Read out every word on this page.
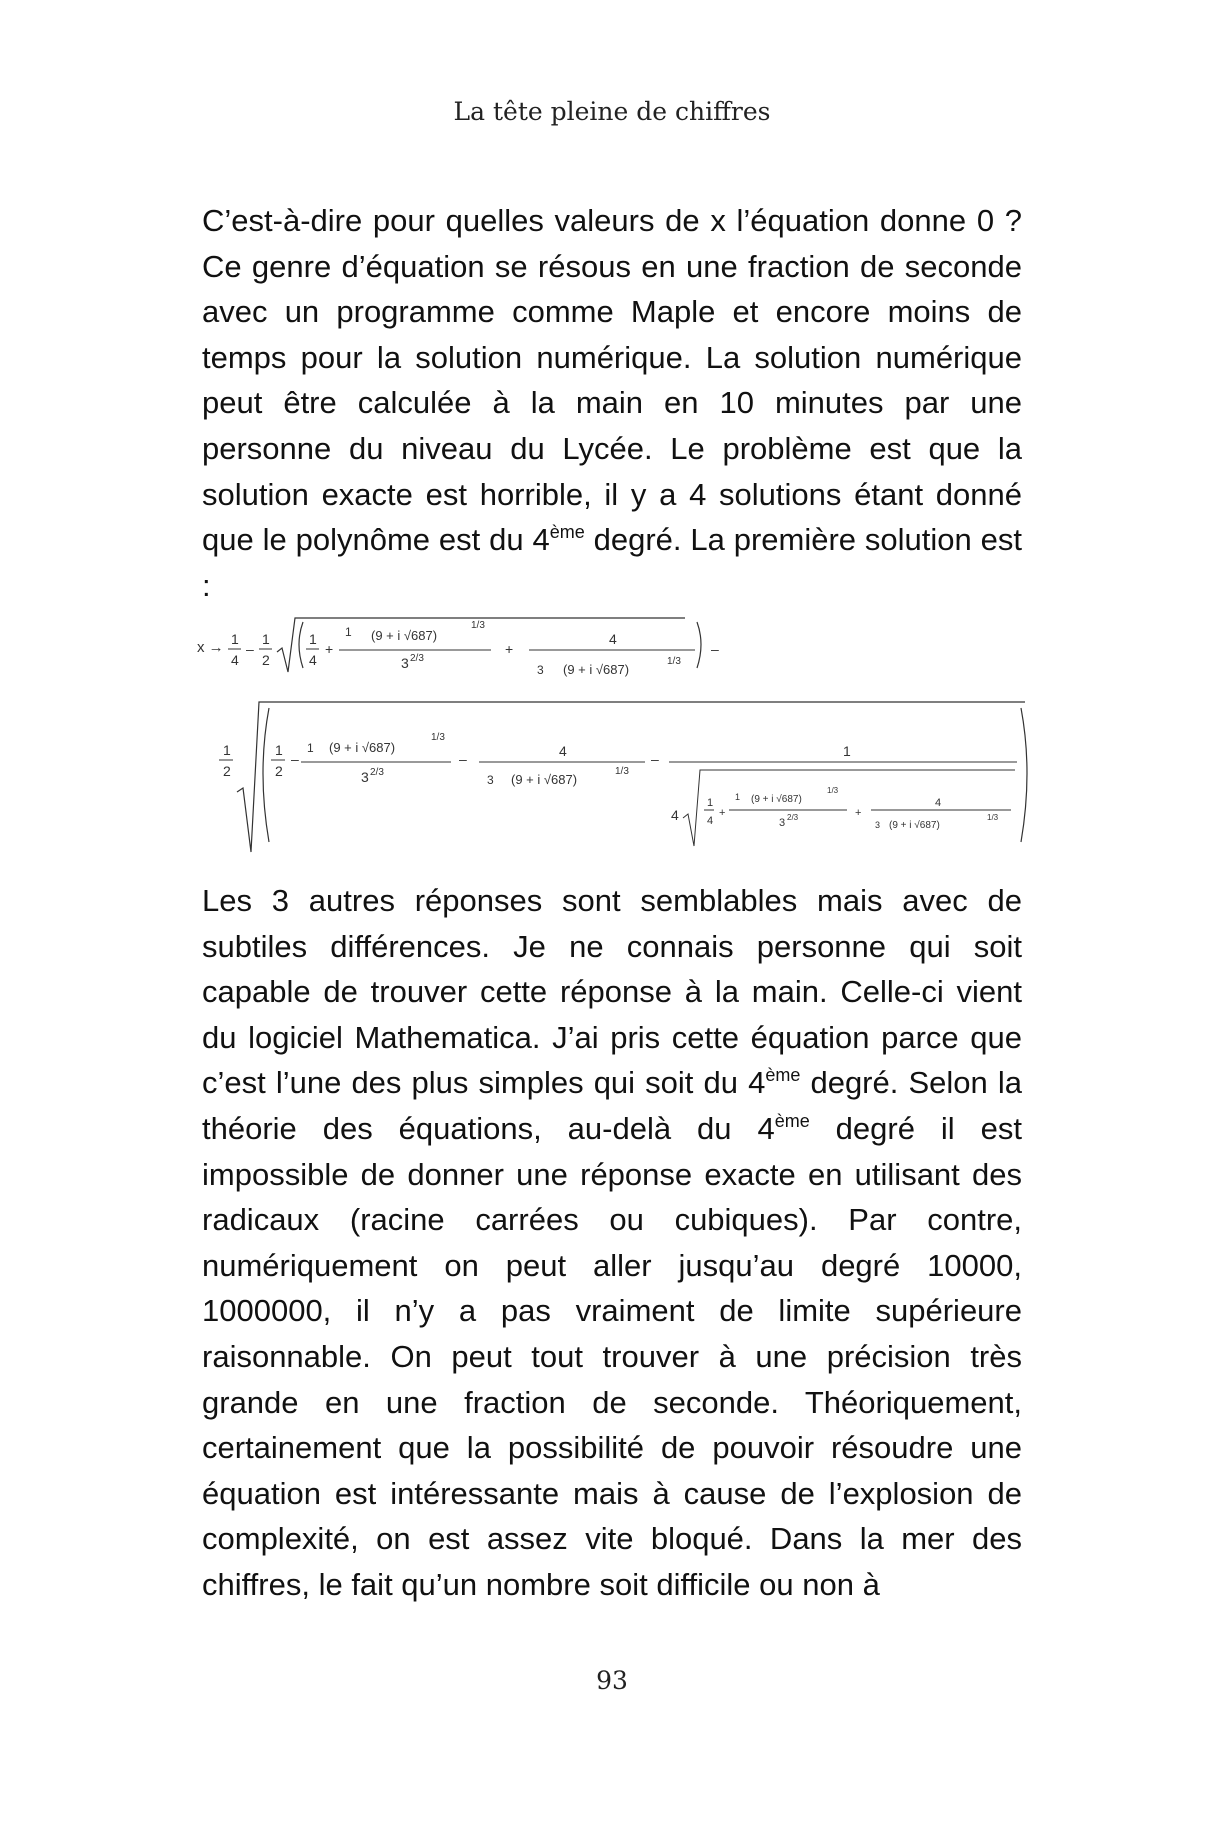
La tête pleine de chiffres

C’est-à-dire pour quelles valeurs de x l’équation donne 0 ? Ce genre d’équation se résous en une fraction de seconde avec un programme comme Maple et encore moins de temps pour la solution numérique. La solution numérique peut être calculée à la main en 10 minutes par une personne du niveau du Lycée. Le problème est que la solution exacte est horrible, il y a 4 solutions étant donné que le polynôme est du 4ème degré. La première solution est :

x → 1
4
–
1
2
1
4
+
1 (9 + i √687)
1/3
3 2/3
+
4
3 (9 + i √687)
1/3
–
1
2
1
2
–
1 (9 + i √687)
1/3
3 2/3
–	4
3 (9 + i √687)
1/3
–	1
4
1
4
+
1 (9 + i √687)
1/3
3 2/3	+
4
3 (9 + i √687)
1/3

Les 3 autres réponses sont semblables mais avec de subtiles différences. Je ne connais personne qui soit capable de trouver cette réponse à la main. Celle-ci vient du logiciel Mathematica. J’ai pris cette équation parce que c’est l’une des plus simples qui soit du 4ème degré. Selon la théorie des équations, au-delà du 4ème degré il est impossible de donner une réponse exacte en utilisant des radicaux (racine carrées ou cubiques). Par contre, numériquement on peut aller jusqu’au degré 10000, 1000000, il n’y a pas vraiment de limite supérieure raisonnable. On peut tout trouver à une précision très grande en une fraction de seconde. Théoriquement, certainement que la possibilité de pouvoir résoudre une équation est intéressante mais à cause de l’explosion de complexité, on est assez vite bloqué. Dans la mer des chiffres, le fait qu’un nombre soit difficile ou non à

93
